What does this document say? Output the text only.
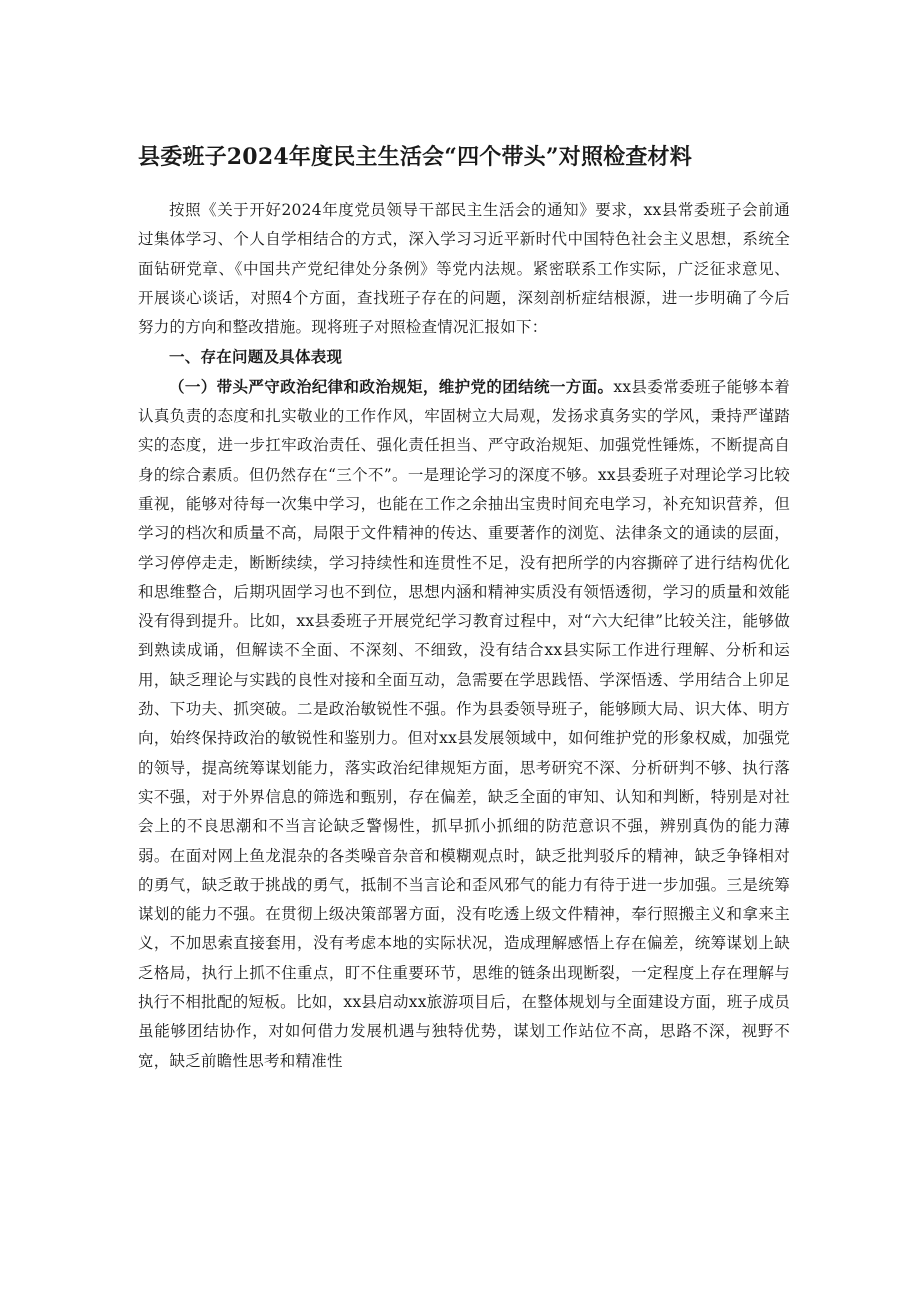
县委班子2024年度民主生活会“四个带头”对照检查材料

按照《关于开好2024年度党员领导干部民主生活会的通知》要求，xx县常委班子会前通过集体学习、个人自学相结合的方式，深入学习习近平新时代中国特色社会主义思想，系统全面钻研党章、《中国共产党纪律处分条例》等党内法规。紧密联系工作实际，广泛征求意见、开展谈心谈话，对照4个方面，查找班子存在的问题，深刻剖析症结根源，进一步明确了今后努力的方向和整改措施。现将班子对照检查情况汇报如下：

一、存在问题及具体表现

（一）带头严守政治纪律和政治规矩，维护党的团结统一方面。xx县委常委班子能够本着认真负责的态度和扎实敬业的工作作风，牢固树立大局观，发扬求真务实的学风，秉持严谨踏实的态度，进一步扛牢政治责任、强化责任担当、严守政治规矩、加强党性锤炼，不断提高自身的综合素质。但仍然存在“三个不”。一是理论学习的深度不够。xx县委班子对理论学习比较重视，能够对待每一次集中学习，也能在工作之余抽出宝贵时间充电学习，补充知识营养，但学习的档次和质量不高，局限于文件精神的传达、重要著作的浏览、法律条文的通读的层面，学习停停走走，断断续续，学习持续性和连贯性不足，没有把所学的内容撕碎了进行结构优化和思维整合，后期巩固学习也不到位，思想内涵和精神实质没有领悟透彻，学习的质量和效能没有得到提升。比如，xx县委班子开展党纪学习教育过程中，对“六大纪律”比较关注，能够做到熟读成诵，但解读不全面、不深刻、不细致，没有结合xx县实际工作进行理解、分析和运用，缺乏理论与实践的良性对接和全面互动，急需要在学思践悟、学深悟透、学用结合上卯足劲、下功夫、抓突破。二是政治敏锐性不强。作为县委领导班子，能够顾大局、识大体、明方向，始终保持政治的敏锐性和鉴别力。但对xx县发展领域中，如何维护党的形象权威，加强党的领导，提高统筹谋划能力，落实政治纪律规矩方面，思考研究不深、分析研判不够、执行落实不强，对于外界信息的筛选和甄别，存在偏差，缺乏全面的审知、认知和判断，特别是对社会上的不良思潮和不当言论缺乏警惕性，抓早抓小抓细的防范意识不强，辨别真伪的能力薄弱。在面对网上鱼龙混杂的各类噪音杂音和模糊观点时，缺乏批判驳斥的精神，缺乏争锋相对的勇气，缺乏敢于挑战的勇气，抵制不当言论和歪风邪气的能力有待于进一步加强。三是统筹谋划的能力不强。在贯彻上级决策部署方面，没有吃透上级文件精神，奉行照搬主义和拿来主义，不加思索直接套用，没有考虑本地的实际状况，造成理解感悟上存在偏差，统筹谋划上缺乏格局，执行上抓不住重点，盯不住重要环节，思维的链条出现断裂，一定程度上存在理解与执行不相批配的短板。比如，xx县启动xx旅游项目后，在整体规划与全面建设方面，班子成员虽能够团结协作，对如何借力发展机遇与独特优势，谋划工作站位不高，思路不深，视野不宽，缺乏前瞻性思考和精准性
